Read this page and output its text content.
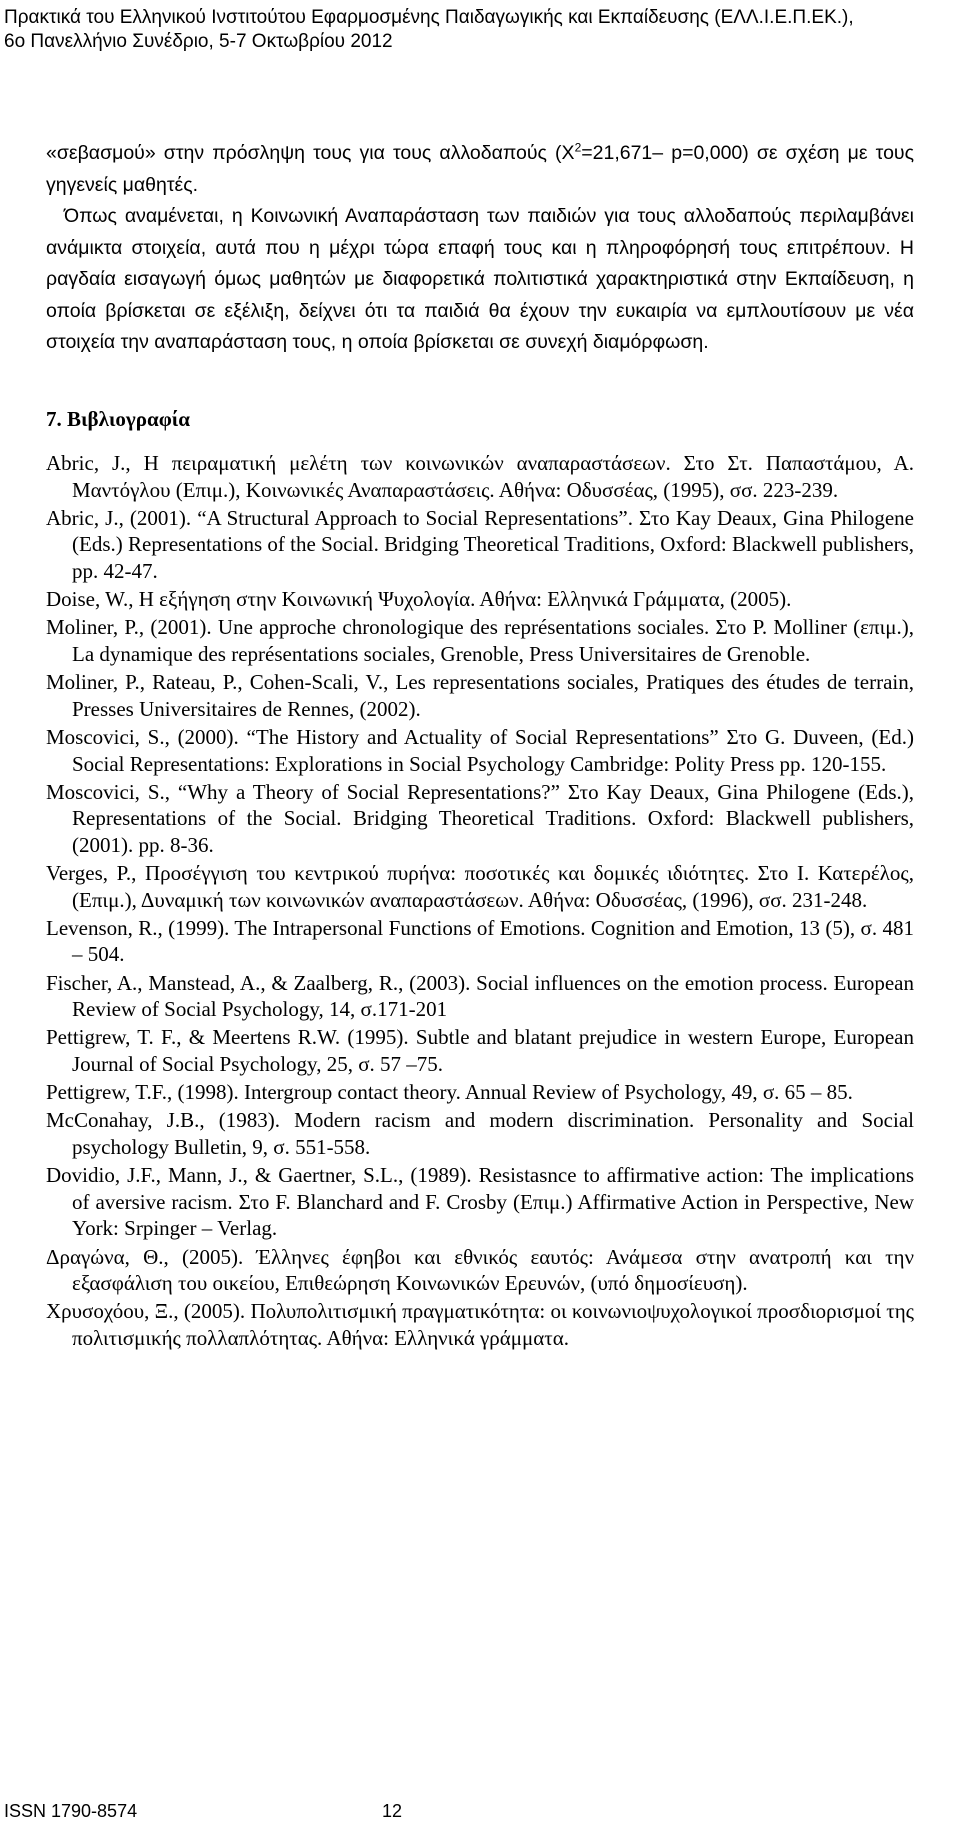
Πρακτικά του Ελληνικού Ινστιτούτου Εφαρμοσμένης Παιδαγωγικής και Εκπαίδευσης (ΕΛΛ.Ι.Ε.Π.ΕΚ.),
6ο Πανελλήνιο Συνέδριο, 5-7 Οκτωβρίου 2012

«σεβασμού» στην πρόσληψη τους για τους αλλοδαπούς ($X^2=21,671-$ p=0,000) σε σχέση με τους γηγενείς μαθητές.

Όπως αναμένεται, η Κοινωνική Αναπαράσταση των παιδιών για τους αλλοδαπούς περιλαμβάνει ανάμικτα στοιχεία, αυτά που η μέχρι τώρα επαφή τους και η πληροφόρησή τους επιτρέπουν. Η ραγδαία εισαγωγή όμως μαθητών με διαφορετικά πολιτιστικά χαρακτηριστικά στην Εκπαίδευση, η οποία βρίσκεται σε εξέλιξη, δείχνει ότι τα παιδιά θα έχουν την ευκαιρία να εμπλουτίσουν με νέα στοιχεία την αναπαράσταση τους, η οποία βρίσκεται σε συνεχή διαμόρφωση.

7. Βιβλιογραφία

Abric, J., Η πειραματική μελέτη των κοινωνικών αναπαραστάσεων. Στο Στ. Παπαστάμου, Α. Μαντόγλου (Επιμ.), Κοινωνικές Αναπαραστάσεις. Αθήνα: Οδυσσέας, (1995), σσ. 223-239.

Abric, J., (2001). “A Structural Approach to Social Representations”. Στο Kay Deaux, Gina Philogene (Eds.) Representations of the Social. Bridging Theoretical Traditions, Oxford: Blackwell publishers, pp. 42-47.

Doise, W., Η εξήγηση στην Κοινωνική Ψυχολογία. Αθήνα: Ελληνικά Γράμματα, (2005).

Moliner, P., (2001). Une approche chronologique des représentations sociales. Στο P. Molliner (επιμ.), La dynamique des représentations sociales, Grenoble, Press Universitaires de Grenoble.

Moliner, P., Rateau, P., Cohen-Scali, V., Les representations sociales, Pratiques des études de terrain, Presses Universitaires de Rennes, (2002).

Moscovici, S., (2000). “The History and Actuality of Social Representations” Στο G. Duveen, (Ed.) Social Representations: Explorations in Social Psychology Cambridge: Polity Press pp. 120-155.

Moscovici, S., “Why a Theory of Social Representations?” Στο Kay Deaux, Gina Philogene (Eds.), Representations of the Social. Bridging Theoretical Traditions. Oxford: Blackwell publishers, (2001). pp. 8-36.

Verges, P., Προσέγγιση του κεντρικού πυρήνα: ποσοτικές και δομικές ιδιότητες. Στο Ι. Κατερέλος, (Επιμ.), Δυναμική των κοινωνικών αναπαραστάσεων. Αθήνα: Οδυσσέας, (1996), σσ. 231-248.

Levenson, R., (1999). The Intrapersonal Functions of Emotions. Cognition and Emotion, 13 (5), σ. 481 – 504.

Fischer, A., Manstead, A., & Zaalberg, R., (2003). Social influences on the emotion process. European Review of Social Psychology, 14, σ.171-201

Pettigrew, T. F., & Meertens R.W. (1995). Subtle and blatant prejudice in western Europe, European Journal of Social Psychology, 25, σ. 57 –75.

Pettigrew, T.F., (1998). Intergroup contact theory. Annual Review of Psychology, 49, σ. 65 – 85.

McConahay, J.B., (1983). Modern racism and modern discrimination. Personality and Social psychology Bulletin, 9, σ. 551-558.

Dovidio, J.F., Mann, J., & Gaertner, S.L., (1989). Resistasnce to affirmative action: The implications of aversive racism. Στο F. Blanchard and F. Crosby (Επιμ.) Affirmative Action in Perspective, New York: Srpinger – Verlag.

Δραγώνα, Θ., (2005). Έλληνες έφηβοι και εθνικός εαυτός: Ανάμεσα στην ανατροπή και την εξασφάλιση του οικείου, Επιθεώρηση Κοινωνικών Ερευνών, (υπό δημοσίευση).

Χρυσοχόου, Ξ., (2005). Πολυπολιτισμική πραγματικότητα: οι κοινωνιοψυχολογικοί προσδιορισμοί της πολιτισμικής πολλαπλότητας. Αθήνα: Ελληνικά γράμματα.

ISSN 1790-8574	12
